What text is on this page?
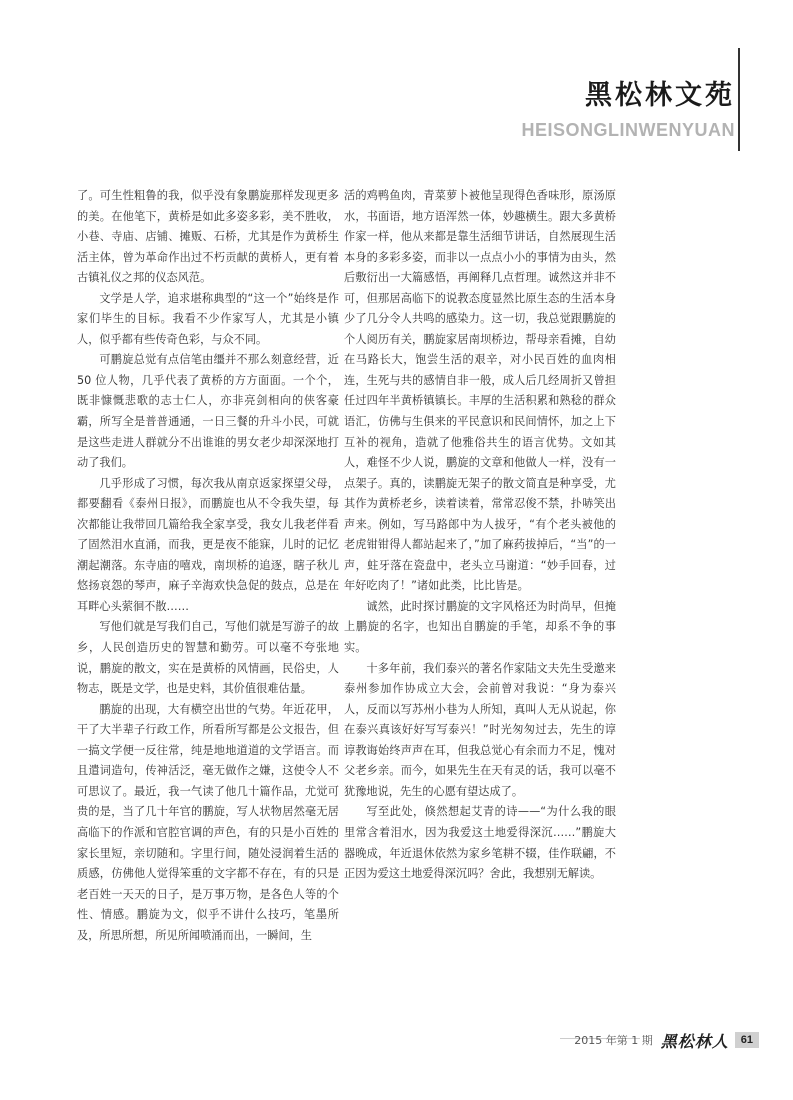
黑松林文苑
HEISONGLINWENYUAN

了。可生性粗鲁的我，似乎没有象鹏旋那样发现更多的美。在他笔下，黄桥是如此多姿多彩，美不胜收，小巷、寺庙、店铺、摊贩、石桥，尤其是作为黄桥生活主体，曾为革命作出过不朽贡献的黄桥人，更有着古镇礼仪之邦的仪态风范。

文学是人学，追求堪称典型的“这一个”始终是作家们毕生的目标。我看不少作家写人，尤其是小镇人，似乎都有些传奇色彩，与众不同。

可鹏旋总觉有点信笔由缰并不那么刻意经营，近 50 位人物，几乎代表了黄桥的方方面面。一个个，既非慷慨悲歌的志士仁人，亦非亮剑相向的侠客豪霸，所写全是普普通通，一日三餐的升斗小民，可就是这些走进人群就分不出谁谁的男女老少却深深地打动了我们。

几乎形成了习惯，每次我从南京返家探望父母，都要翻看《泰州日报》，而鹏旋也从不令我失望，每次都能让我带回几篇给我全家享受，我女儿我老伴看了固然泪水直涌，而我，更是夜不能寐，儿时的记忆潮起潮落。东寺庙的嘻戏，南坝桥的追逐，瞎子秋儿悠扬哀怨的琴声，麻子辛海欢快急促的鼓点，总是在耳畔心头萦徊不散……

写他们就是写我们自己，写他们就是写游子的故乡，人民创造历史的智慧和勤劳。可以毫不夸张地说，鹏旋的散文，实在是黄桥的风情画，民俗史，人物志，既是文学，也是史料，其价值很难估量。

鹏旋的出现，大有横空出世的气势。年近花甲，干了大半辈子行政工作，所看所写都是公文报告，但一搞文学便一反往常，纯是地地道道的文学语言。而且遣词造句，传神活泛，毫无做作之嫌，这使令人不可思议了。最近，我一气读了他几十篇作品，尤觉可贵的是，当了几十年官的鹏旋，写人状物居然毫无居高临下的作派和官腔官调的声色，有的只是小百姓的家长里短，亲切随和。字里行间，随处浸润着生活的质感，仿佛他人觉得笨重的文字都不存在，有的只是老百姓一天天的日子，是万事万物，是各色人等的个性、情感。鹏旋为文，似乎不讲什么技巧，笔墨所及，所思所想，所见所闻喷涌而出，一瞬间，生

活的鸡鸭鱼肉，青菜萝卜被他呈现得色香味形，原汤原水，书面语，地方语浑然一体，妙趣横生。跟大多黄桥作家一样，他从来都是靠生活细节讲话，自然展现生活本身的多彩多姿，而非以一点点小小的事情为由头，然后敷衍出一大篇感悟，再阐释几点哲理。诚然这并非不可，但那居高临下的说教态度显然比原生态的生活本身少了几分令人共鸣的感染力。这一切，我总觉跟鹏旋的个人阅历有关，鹏旋家居南坝桥边，帮母亲看摊，自幼在马路长大，饱尝生活的艰辛，对小民百姓的血肉相连，生死与共的感情自非一般，成人后几经周折又曾担任过四年半黄桥镇镇长。丰厚的生活积累和熟稔的群众语汇，仿佛与生俱来的平民意识和民间情怀，加之上下互补的视角，造就了他雅俗共生的语言优势。文如其人，难怪不少人说，鹏旋的文章和他做人一样，没有一点架子。真的，读鹏旋无架子的散文简直是种享受，尤其作为黄桥老乡，读着读着，常常忍俊不禁，扑哧笑出声来。例如，写马路郎中为人拔牙，“有个老头被他的老虎钳钳得人都站起来了，”加了麻药拔掉后，“当”的一声，蛀牙落在瓷盘中，老头立马谢道：“妙手回春，过年好吃肉了！”诸如此类，比比皆是。

诚然，此时探讨鹏旋的文字风格还为时尚早，但掩上鹏旋的名字，也知出自鹏旋的手笔，却系不争的事实。

十多年前，我们泰兴的著名作家陆文夫先生受邀来泰州参加作协成立大会，会前曾对我说：“身为泰兴人，反而以写苏州小巷为人所知，真叫人无从说起，你在泰兴真该好好写写泰兴！”时光匆匆过去，先生的谆谆教诲始终声声在耳，但我总觉心有余而力不足，愧对父老乡亲。而今，如果先生在天有灵的话，我可以毫不犹豫地说，先生的心愿有望达成了。

写至此处，倏然想起艾青的诗——“为什么我的眼里常含着泪水，因为我爱这土地爱得深沉……”鹏旋大器晚成，年近退休依然为家乡笔耕不辍，佳作联翩，不正因为爱这土地爱得深沉吗？舍此，我想别无解读。

2015 年第 1 期 黑松林人	61
